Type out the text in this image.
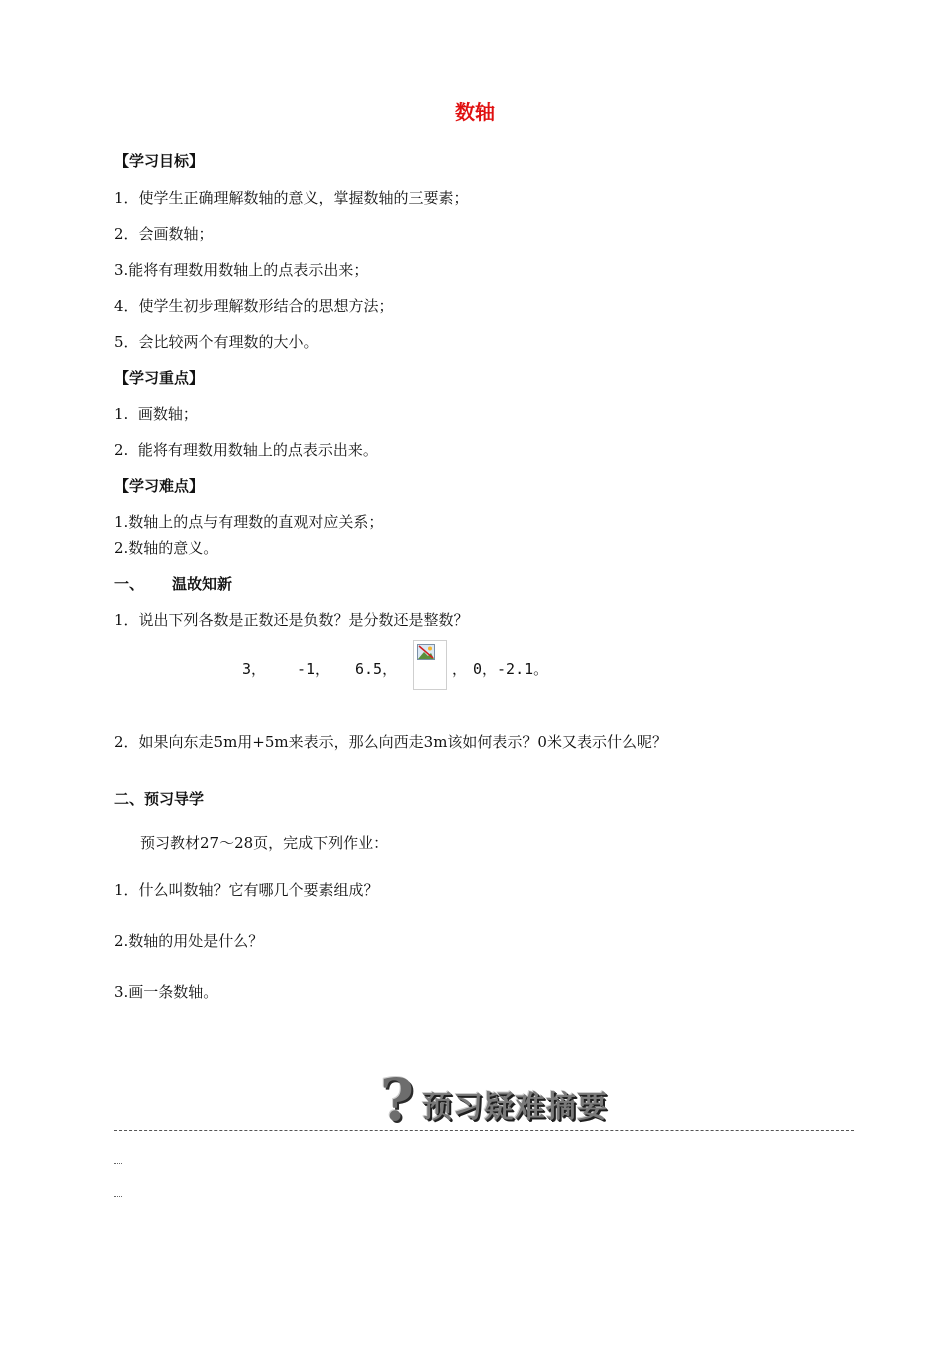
数轴
【学习目标】
1．使学生正确理解数轴的意义，掌握数轴的三要素；
2．会画数轴；
3.能将有理数用数轴上的点表示出来；
4．使学生初步理解数形结合的思想方法；
5．会比较两个有理数的大小。
【学习重点】
1.  画数轴；
2.  能将有理数用数轴上的点表示出来。
【学习难点】
1.数轴上的点与有理数的直观对应关系；
2.数轴的意义。
一、 温故知新
1．说出下列各数是正数还是负数？是分数还是整数？
3， -1， 6.5，	， 0，-2.1。
2．如果向东走5m用+5m来表示，那么向西走3m该如何表示？0米又表示什么呢？
二、预习导学
预习教材27～28页，完成下列作业：
1．什么叫数轴？它有哪几个要素组成？
2.数轴的用处是什么？
3.画一条数轴。
? 预习疑难摘要
